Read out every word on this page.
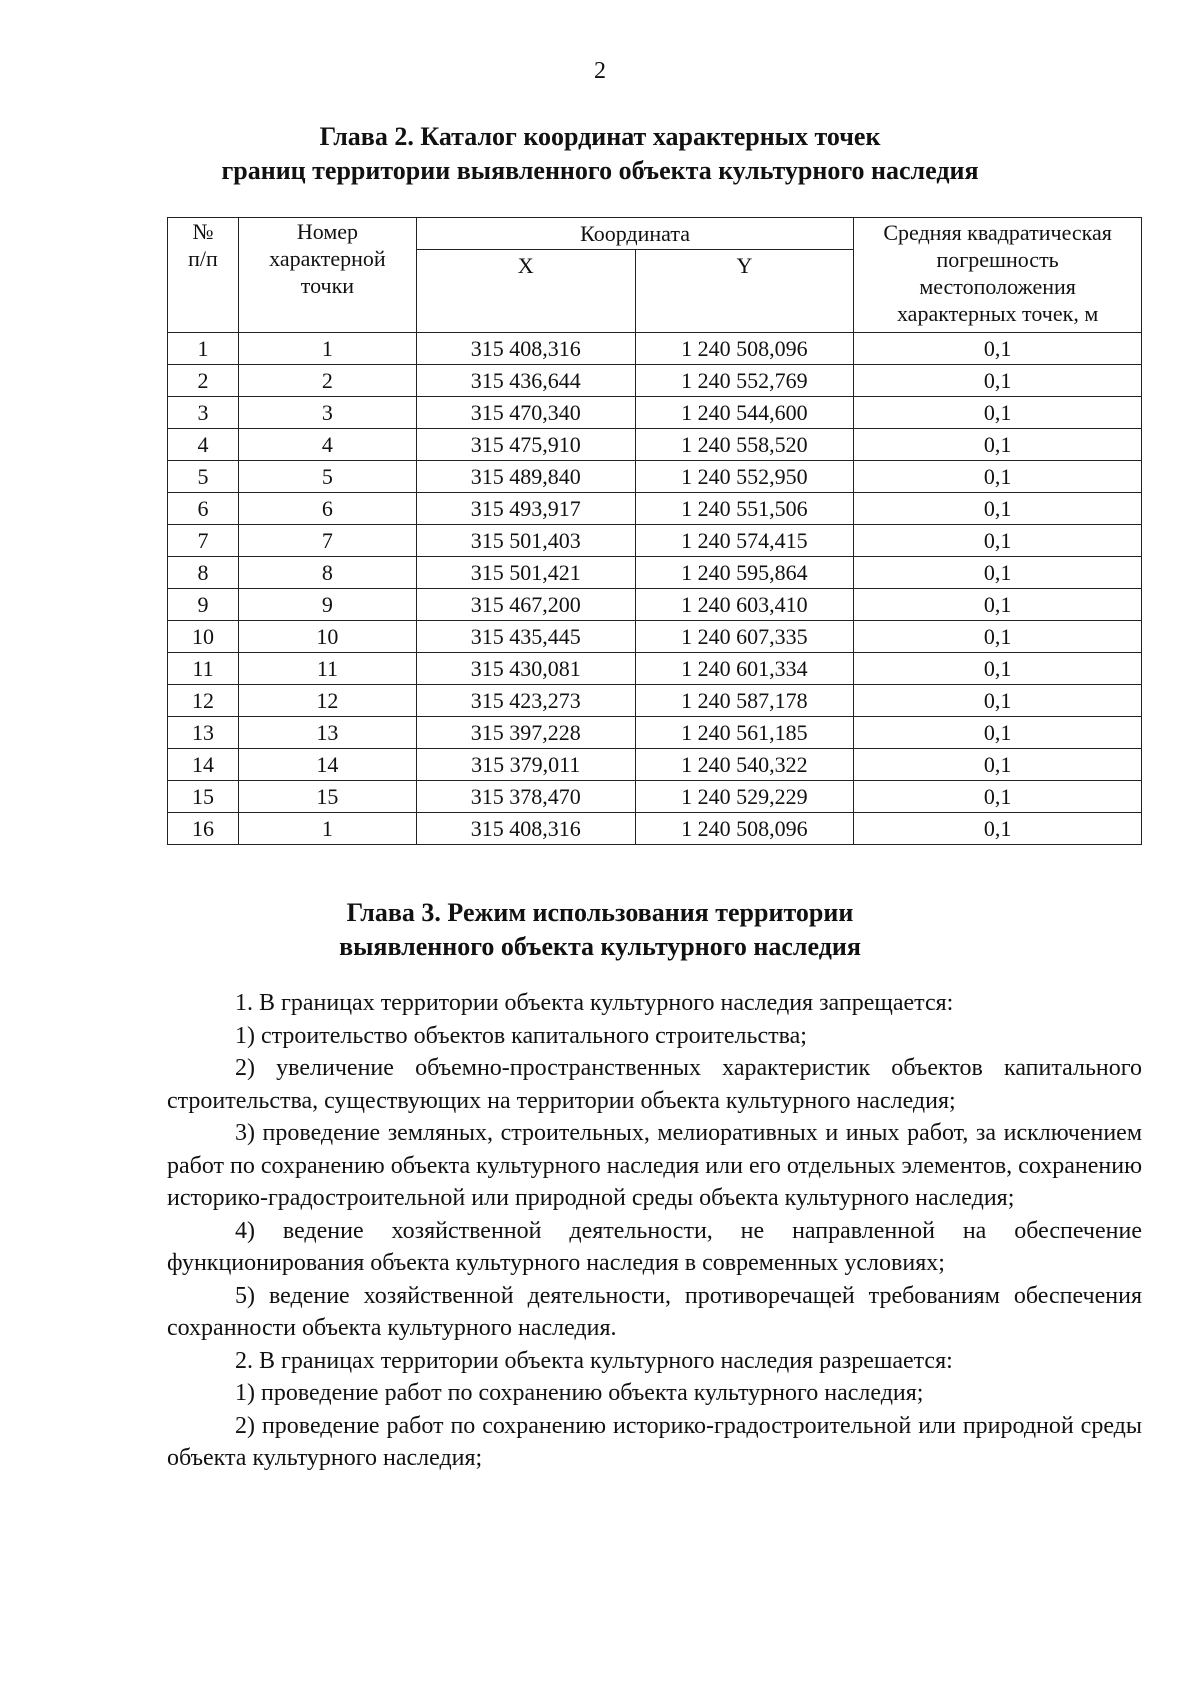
2
Глава 2. Каталог координат характерных точек
границ территории выявленного объекта культурного наследия
№ п/п	Номер характерной точки	Координата		Средняя квадратическая погрешность местоположения характерных точек, м
		X	Y	
1	1	315 408,316	1 240 508,096	0,1
2	2	315 436,644	1 240 552,769	0,1
3	3	315 470,340	1 240 544,600	0,1
4	4	315 475,910	1 240 558,520	0,1
5	5	315 489,840	1 240 552,950	0,1
6	6	315 493,917	1 240 551,506	0,1
7	7	315 501,403	1 240 574,415	0,1
8	8	315 501,421	1 240 595,864	0,1
9	9	315 467,200	1 240 603,410	0,1
10	10	315 435,445	1 240 607,335	0,1
11	11	315 430,081	1 240 601,334	0,1
12	12	315 423,273	1 240 587,178	0,1
13	13	315 397,228	1 240 561,185	0,1
14	14	315 379,011	1 240 540,322	0,1
15	15	315 378,470	1 240 529,229	0,1
16	1	315 408,316	1 240 508,096	0,1
Глава 3. Режим использования территории
выявленного объекта культурного наследия

1. В границах территории объекта культурного наследия запрещается:

1) строительство объектов капитального строительства;

2) увеличение объемно-пространственных характеристик объектов капитального строительства, существующих на территории объекта культурного наследия;

3) проведение земляных, строительных, мелиоративных и иных работ, за исключением работ по сохранению объекта культурного наследия или его отдельных элементов, сохранению историко-градостроительной или природной среды объекта культурного наследия;

4) ведение хозяйственной деятельности, не направленной на обеспечение функционирования объекта культурного наследия в современных условиях;

5) ведение хозяйственной деятельности, противоречащей требованиям обеспечения сохранности объекта культурного наследия.

2. В границах территории объекта культурного наследия разрешается:

1) проведение работ по сохранению объекта культурного наследия;

2) проведение работ по сохранению историко-градостроительной или природной среды объекта культурного наследия;
